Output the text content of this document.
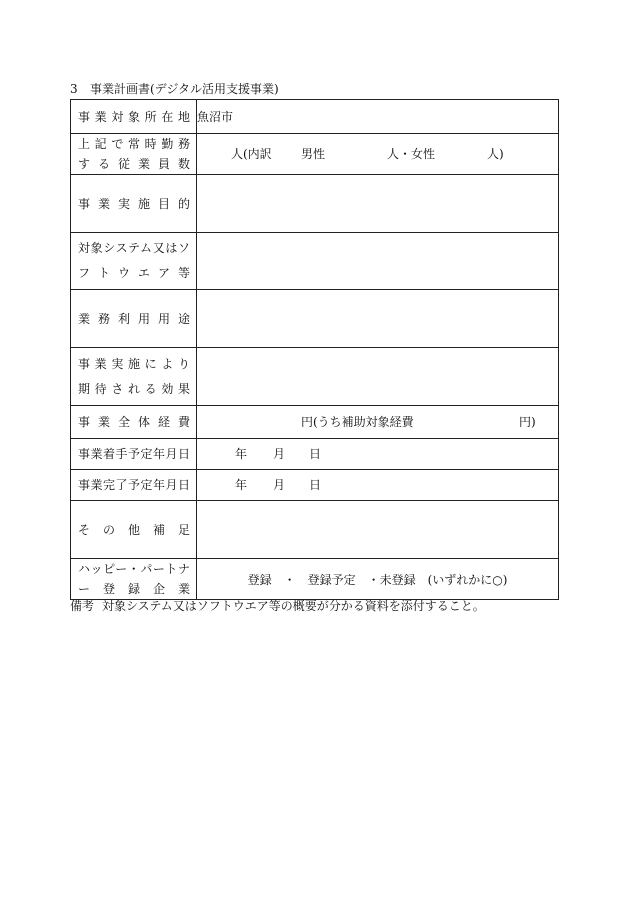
3 事業計画書(デジタル活用支援事業)
事業対象所在地	魚沼市

上記で常時勤務
する従業員数	人(内訳 男性 人・女性 人)

事業実施目的	

対象システム又はソ
フトウエア等	

業務利用用途	

事業実施により
期待される効果	

事業全体経費	円(うち補助対象経費 円)

事業着手予定年月日	年 月 日

事業完了予定年月日	年 月 日

その他補足	

ハッピー・パートナ
ー登録企業	登録　・　登録予定　・未登録　(いずれかに○)
備考 対象システム又はソフトウエア等の概要が分かる資料を添付すること。
